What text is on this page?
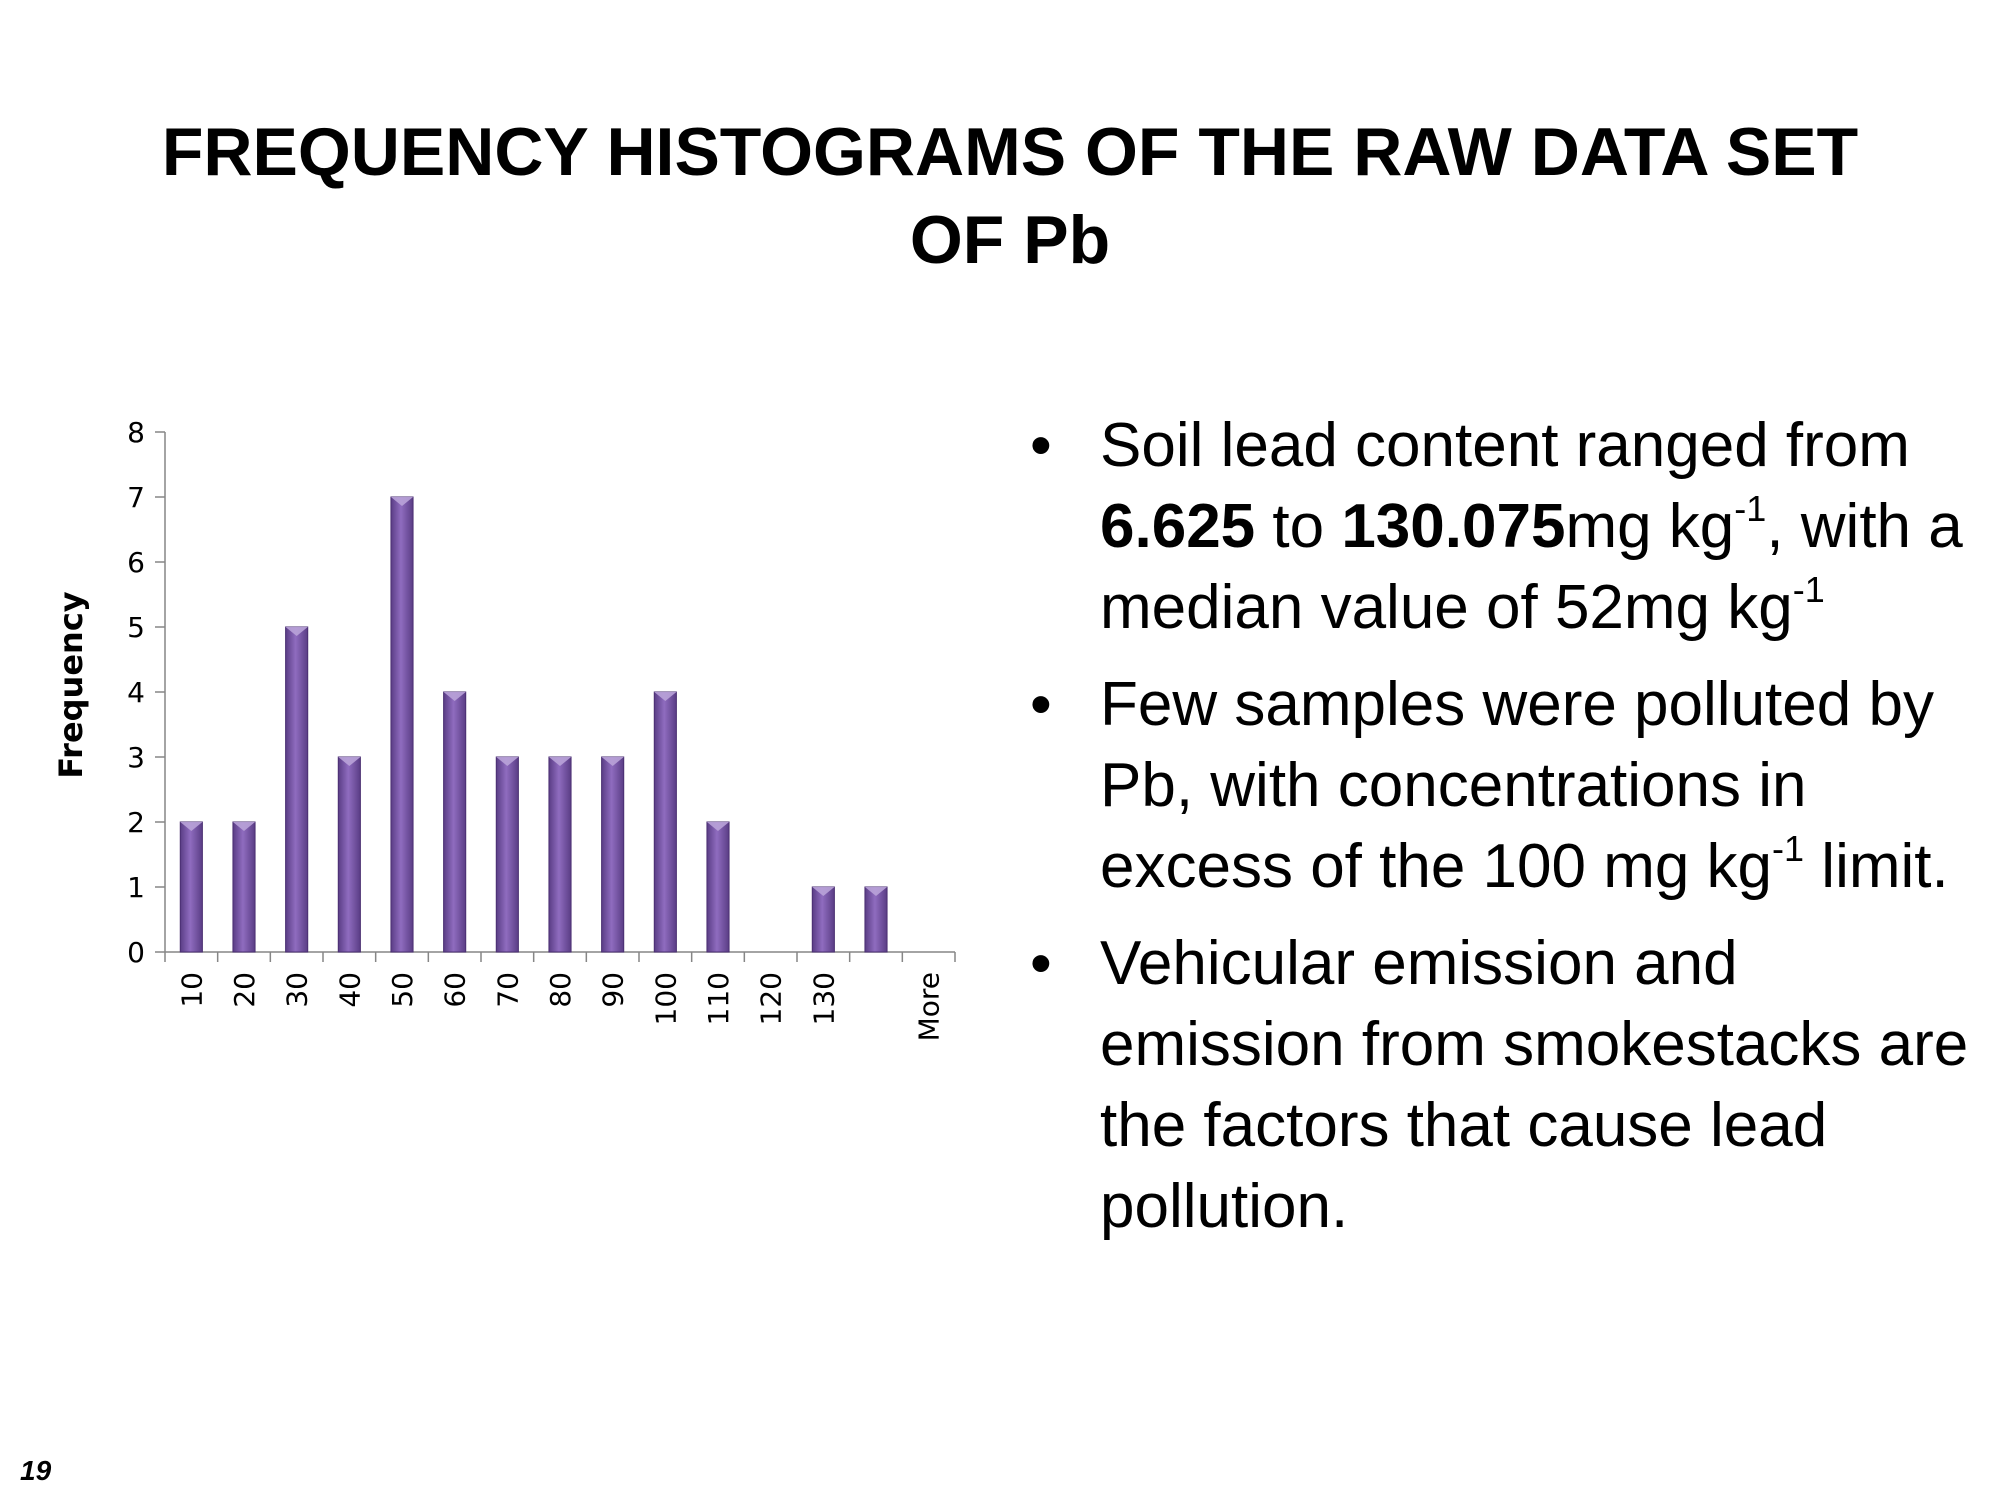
FREQUENCY HISTOGRAMS OF THE RAW DATA SET
OF Pb
Frequency
0
1
2
3
4
5
6
7
8
10 20 30 40 50 60 70 80 90 100 110 120 130	More
• Soil lead content ranged from 6.625 to 130.075mg $kg^{-1}$, with a median value of 52mg $kg^{-1}$
• Few samples were polluted by Pb, with concentrations in excess of the 100 mg $kg^{-1}$ limit.
• Vehicular emission and emission from smokestacks are the factors that cause lead pollution.
19
